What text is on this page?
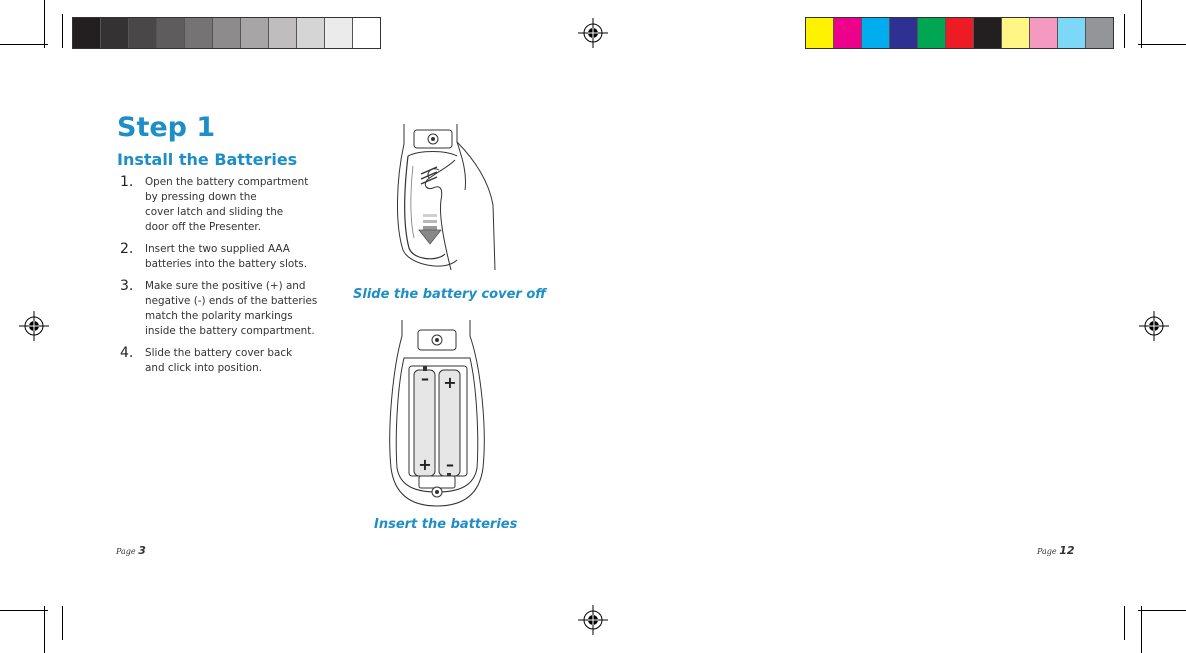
Step 1
Install the Batteries
1. Open the battery compartment
by pressing down the
cover latch and sliding the
door off the Presenter.
2. Insert the two supplied AAA
batteries into the battery slots.
3. Make sure the positive (+) and
negative (-) ends of the batteries
match the polarity markings
inside the battery compartment.
4. Slide the battery cover back
and click into position.
Slide the battery cover off
– +
+ –
Insert the batteries
Page 3	Page 12
